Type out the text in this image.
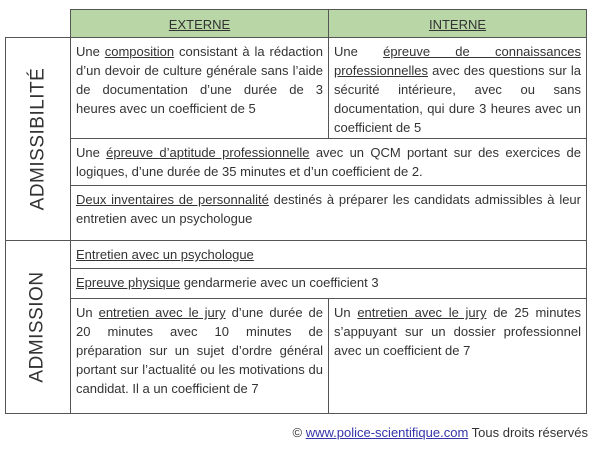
EXTERNE	INTERNE
ADMISSIBILITÉ
ADMISSION
Une composition consistant à la rédaction d’un devoir de culture générale sans l’aide de documentation d’une durée de 3 heures avec un coefficient de 5
Une épreuve de connaissances professionnelles avec des questions sur la sécurité intérieure, avec ou sans documentation, qui dure 3 heures avec un coefficient de 5
Une épreuve d’aptitude professionnelle avec un QCM portant sur des exercices de logiques, d’une durée de 35 minutes et d’un coefficient de 2.
Deux inventaires de personnalité destinés à préparer les candidats admissibles à leur entretien avec un psychologue
Entretien avec un psychologue
Epreuve physique gendarmerie avec un coefficient 3
Un entretien avec le jury d’une durée de 20 minutes avec 10 minutes de préparation sur un sujet d’ordre général portant sur l’actualité ou les motivations du candidat. Il a un coefficient de 7
Un entretien avec le jury de 25 minutes s’appuyant sur un dossier professionnel avec un coefficient de 7
© www.police-scientifique.com Tous droits réservés
